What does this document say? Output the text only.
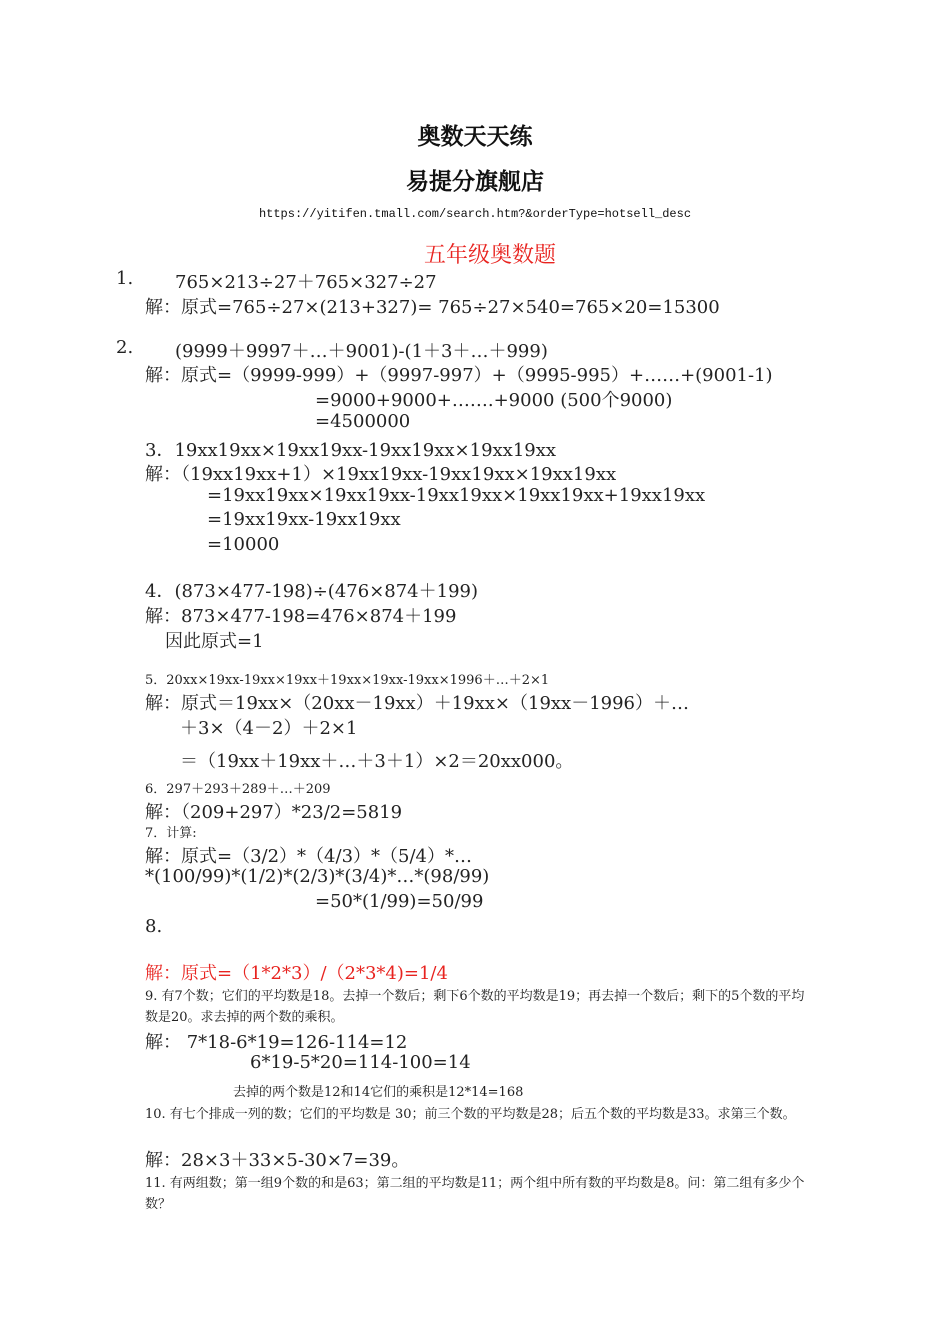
奥数天天练
易提分旗舰店
https://yitifen.tmall.com/search.htm?&orderType=hotsell_desc
五年级奥数题
1. 765×213÷27＋765×327÷27
解：原式=765÷27×(213+327)= 765÷27×540=765×20=15300
2. (9999＋9997＋…＋9001)-(1＋3＋…＋999)
解：原式=（9999-999）+（9997-997）+（9995-995）+……+(9001-1)
=9000+9000+…….+9000 (500个9000)
=4500000
3．19xx19xx×19xx19xx-19xx19xx×19xx19xx
解：（19xx19xx+1）×19xx19xx-19xx19xx×19xx19xx
=19xx19xx×19xx19xx-19xx19xx×19xx19xx+19xx19xx
=19xx19xx-19xx19xx
=10000
4．(873×477-198)÷(476×874＋199)
解：873×477-198=476×874＋199
因此原式=1
5．20xx×19xx-19xx×19xx＋19xx×19xx-19xx×1996＋…＋2×1
解：原式＝19xx×（20xx－19xx）＋19xx×（19xx－1996）＋…
＋3×（4－2）＋2×1
＝（19xx＋19xx＋…＋3＋1）×2＝20xx000。
6．297＋293＋289＋…＋209
解：（209+297）*23/2=5819
7．计算:
解：原式=（3/2）*（4/3）*（5/4）*…
*(100/99)*(1/2)*(2/3)*(3/4)*…*(98/99)
=50*(1/99)=50/99
8.
解：原式=（1*2*3）/（2*3*4)=1/4
9. 有7个数；它们的平均数是18。去掉一个数后；剩下6个数的平均数是19；再去掉一个数后；剩下的5个数的平均数是20。求去掉的两个数的乘积。
解： 7*18-6*19=126-114=12
6*19-5*20=114-100=14
去掉的两个数是12和14它们的乘积是12*14=168
10. 有七个排成一列的数；它们的平均数是 30；前三个数的平均数是28；后五个数的平均数是33。求第三个数。
解：28×3＋33×5-30×7=39。
11. 有两组数；第一组9个数的和是63；第二组的平均数是11；两个组中所有数的平均数是8。问：第二组有多少个数？
